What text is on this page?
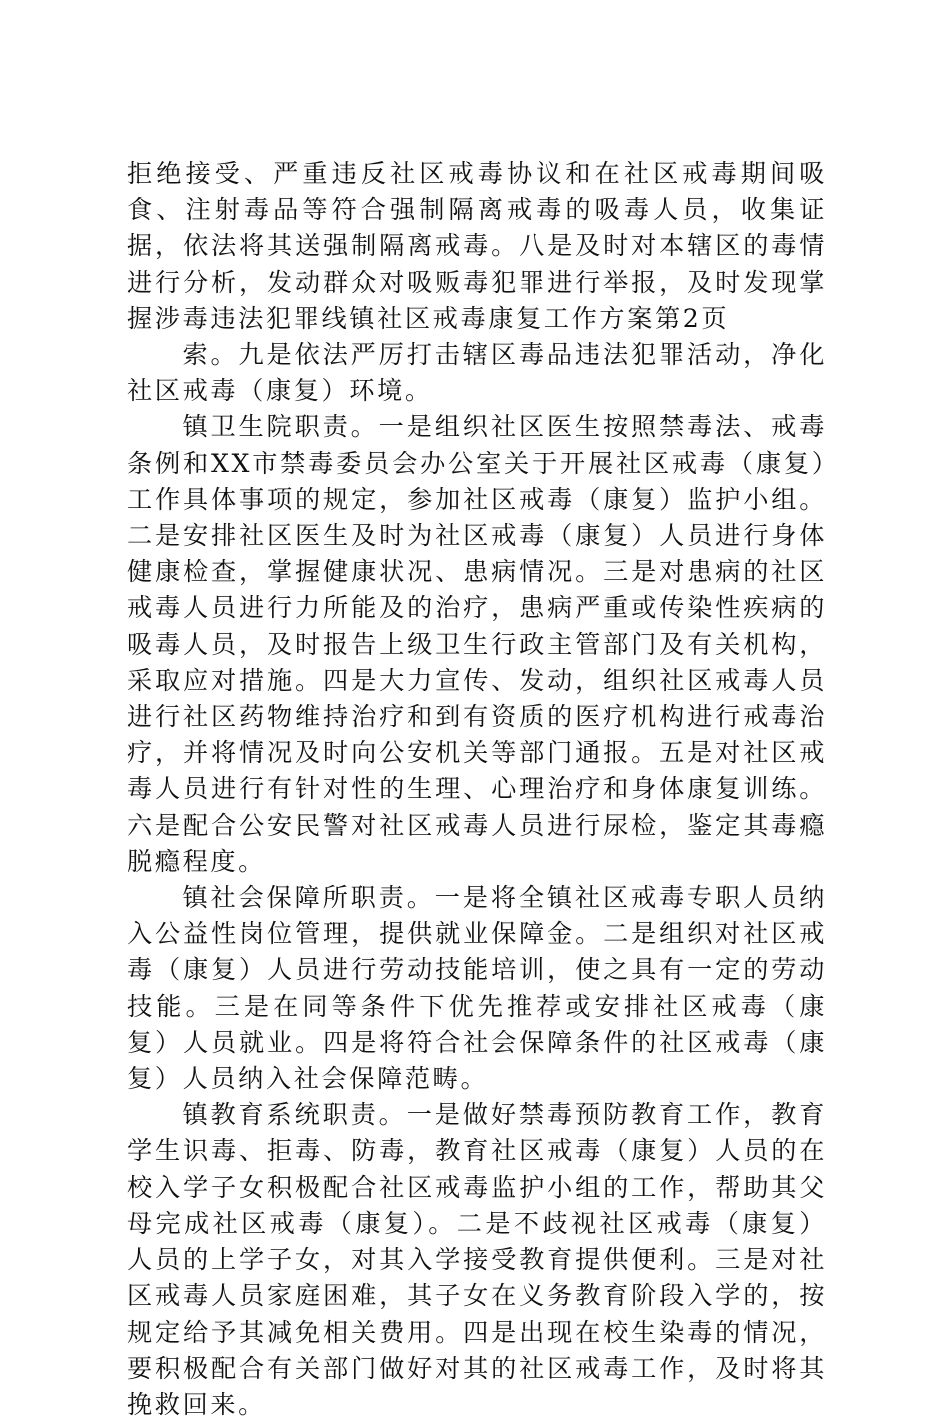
拒绝接受、严重违反社区戒毒协议和在社区戒毒期间吸食、注射毒品等符合强制隔离戒毒的吸毒人员，收集证据，依法将其送强制隔离戒毒。八是及时对本辖区的毒情进行分析，发动群众对吸贩毒犯罪进行举报，及时发现掌握涉毒违法犯罪线镇社区戒毒康复工作方案第2页

索。九是依法严厉打击辖区毒品违法犯罪活动，净化社区戒毒（康复）环境。

镇卫生院职责。一是组织社区医生按照禁毒法、戒毒条例和XX市禁毒委员会办公室关于开展社区戒毒（康复）工作具体事项的规定，参加社区戒毒（康复）监护小组。二是安排社区医生及时为社区戒毒（康复）人员进行身体健康检查，掌握健康状况、患病情况。三是对患病的社区戒毒人员进行力所能及的治疗，患病严重或传染性疾病的吸毒人员，及时报告上级卫生行政主管部门及有关机构，采取应对措施。四是大力宣传、发动，组织社区戒毒人员进行社区药物维持治疗和到有资质的医疗机构进行戒毒治疗，并将情况及时向公安机关等部门通报。五是对社区戒毒人员进行有针对性的生理、心理治疗和身体康复训练。六是配合公安民警对社区戒毒人员进行尿检，鉴定其毒瘾脱瘾程度。

镇社会保障所职责。一是将全镇社区戒毒专职人员纳入公益性岗位管理，提供就业保障金。二是组织对社区戒毒（康复）人员进行劳动技能培训，使之具有一定的劳动技能。三是在同等条件下优先推荐或安排社区戒毒（康复）人员就业。四是将符合社会保障条件的社区戒毒（康复）人员纳入社会保障范畴。

镇教育系统职责。一是做好禁毒预防教育工作，教育学生识毒、拒毒、防毒，教育社区戒毒（康复）人员的在校入学子女积极配合社区戒毒监护小组的工作，帮助其父母完成社区戒毒（康复）。二是不歧视社区戒毒（康复）人员的上学子女，对其入学接受教育提供便利。三是对社区戒毒人员家庭困难，其子女在义务教育阶段入学的，按规定给予其减免相关费用。四是出现在校生染毒的情况，要积极配合有关部门做好对其的社区戒毒工作，及时将其挽救回来。
